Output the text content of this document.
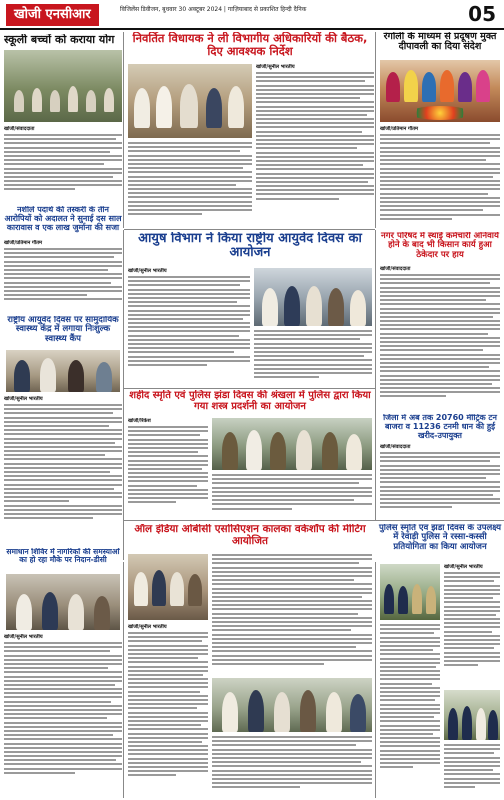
खोजी एनसीआर	विजिलेंस डिवीजन, बुधवार 30 अक्टूबर 2024 | गाज़ियाबाद से प्रकाशित हिन्दी दैनिक	05
स्कूली बच्चों को कराया योग
खोजी/संवाददाता
नशीले पदार्थ की तस्करी के तीन आरोपियों को अदालत ने सुनाई दस साल कारावास व एक लाख जुर्माना की सजा
खोजी/प्रतिमान गौतम
राष्ट्रीय आयुर्वेद दिवस पर सामुदायिक स्वास्थ्य केंद्र में लगाया निःशुल्क स्वास्थ्य कैंप
खोजी/सुनील भारतीय
समाधान शिविर में नागरिकों की समस्याओं का हो रहा मौके पर निदान-डीसी
खोजी/सुनील भारतीय
निवर्तित विधायक ने ली विभागीय अधिकारियों की बैठक, दिए आवश्यक निर्देश
खोजी/सुनील भारतीय
आयुष विभाग ने किया राष्ट्रीय आयुर्वेद दिवस का आयोजन
खोजी/सुनील भारतीय
शहीद स्मृति एवं पुलिस झंडा दिवस की श्रंखला में पुलिस द्वारा किया गया शस्त्र प्रदर्शनी का आयोजन
खोजी/रिकेश
रंगोली के माध्यम से प्रदूषण मुक्त दीपावली का दिया संदेश
खोजी/प्रतिमान गौतम
नगर परिषद में स्थाई कर्मचारी अनिवार्य होने के बाद भी किसान कार्य हुआ ठेकेदार पर हाय
खोजी/संवाददाता
जिला में अब तक 20760 मीट्रिक टन बाजरा व 11236 टनमी धान की हुई खरीद-उपायुक्त
खोजी/संवाददाता
ऑल इंडिया ओबीसी एसोसिएशन कालका वर्कशॉप की मीटिंग आयोजित
खोजी/सुनील भारतीय
पुलिस स्मृति एवं झंडा दिवस के उपलक्ष्य में रेवाड़ी पुलिस ने रस्सा-कस्सी प्रतियोगिता का किया आयोजन
खोजी/सुनील भारतीय
